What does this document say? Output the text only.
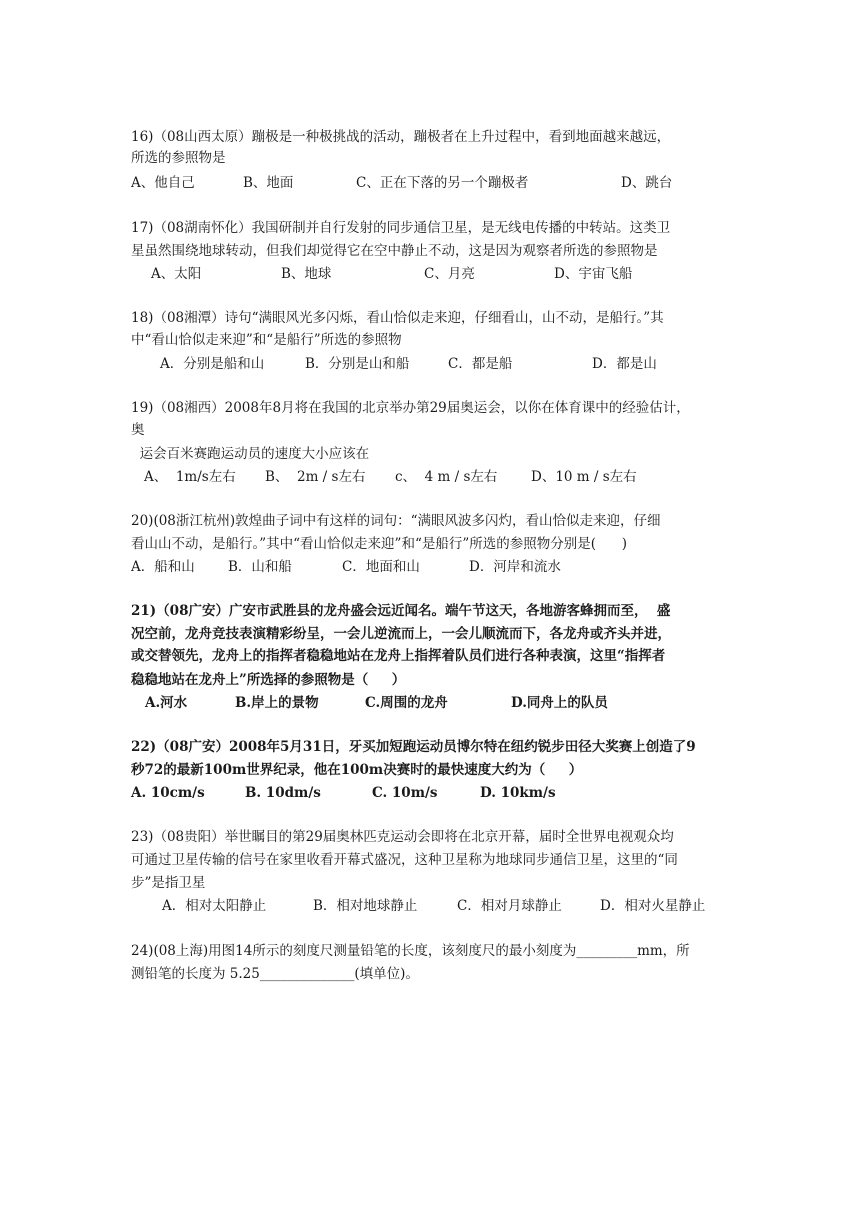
16)（08山西太原）蹦极是一种极挑战的活动，蹦极者在上升过程中，看到地面越来越远，
所选的参照物是
A、他自己	B、地面	C、正在下落的另一个蹦极者	D、跳台
17)（08湖南怀化）我国研制并自行发射的同步通信卫星，是无线电传播的中转站。这类卫
星虽然围绕地球转动，但我们却觉得它在空中静止不动，这是因为观察者所选的参照物是
A、太阳	B、地球	C、月亮	D、宇宙飞船
18)（08湘潭）诗句“满眼风光多闪烁，看山恰似走来迎，仔细看山，山不动，是船行。”其
中“看山恰似走来迎”和“是船行”所选的参照物
A．分别是船和山	B．分别是山和船	C．都是船	D．都是山
19)（08湘西）2008年8月将在我国的北京举办第29届奥运会，以你在体育课中的经验估计，
奥
运会百米赛跑运动员的速度大小应该在
A、  1m/s左右 B、  2m / s左右 c、  4 m / s左右 D、10 m / s左右
20)(08浙江杭州)敦煌曲子词中有这样的词句：“满眼风波多闪灼，看山恰似走来迎，仔细
看山山不动，是船行。”其中“看山恰似走来迎”和“是船行”所选的参照物分别是(      )
A．船和山 B．山和船	C．地面和山	D．河岸和流水
21)（08广安）广安市武胜县的龙舟盛会远近闻名。端午节这天，各地游客蜂拥而至，  盛
况空前，龙舟竞技表演精彩纷呈，一会儿逆流而上，一会儿顺流而下，各龙舟或齐头并进，
或交替领先，龙舟上的指挥者稳稳地站在龙舟上指挥着队员们进行各种表演，这里“指挥者
稳稳地站在龙舟上”所选择的参照物是（     ）
A.河水	B.岸上的景物	C.周围的龙舟	D.同舟上的队员
22)（08广安）2008年5月31日，牙买加短跑运动员博尔特在纽约锐步田径大奖赛上创造了9
秒72的最新100m世界纪录，他在100m决赛时的最快速度大约为（     ）
A. 10cm/s	B. 10dm/s	C. 10m/s	D. 10km/s
23)（08贵阳）举世瞩目的第29届奥林匹克运动会即将在北京开幕，届时全世界电视观众均
可通过卫星传输的信号在家里收看开幕式盛况，这种卫星称为地球同步通信卫星，这里的“同
步”是指卫星
A．相对太阳静止	B．相对地球静止	C．相对月球静止	D．相对火星静止
24)(08上海)用图14所示的刻度尺测量铅笔的长度，该刻度尺的最小刻度为_________mm，所
测铅笔的长度为 5.25______________(填单位)。
